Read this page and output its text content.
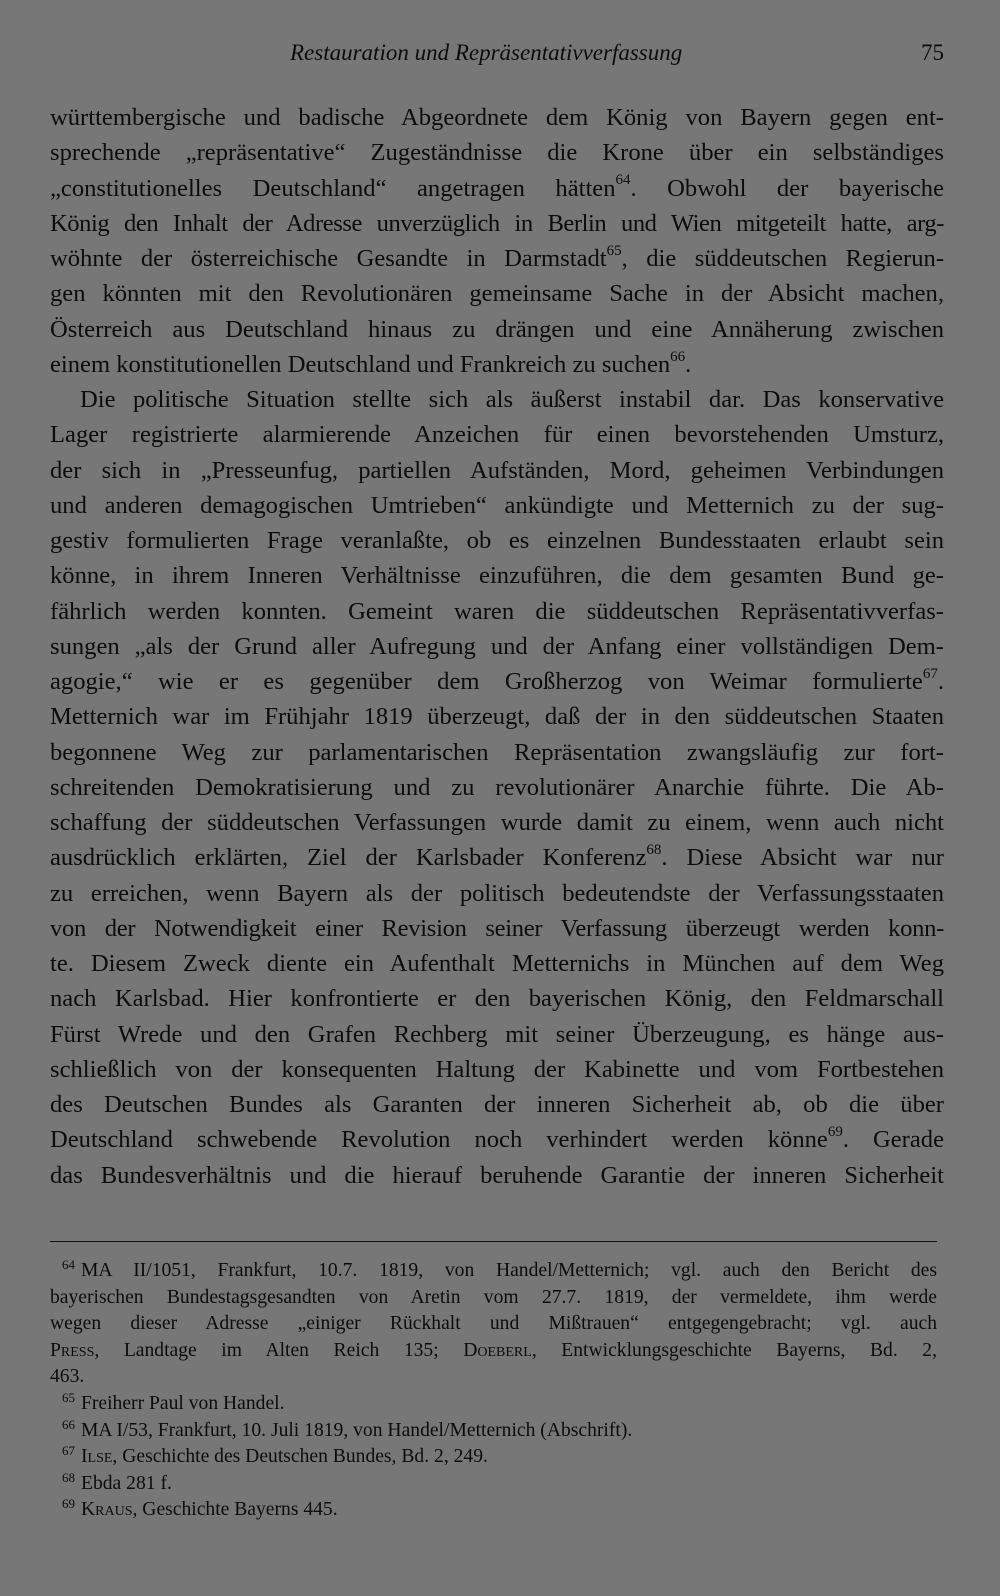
Restauration und Repräsentativverfassung	75
württembergische und badische Abgeordnete dem König von Bayern gegen ent-
sprechende „repräsentative“ Zugeständnisse die Krone über ein selbständiges
„constitutionelles Deutschland“ angetragen hätten$^{64}$. Obwohl der bayerische
König den Inhalt der Adresse unverzüglich in Berlin und Wien mitgeteilt hatte, arg-
wöhnte der österreichische Gesandte in Darmstadt$^{65}$, die süddeutschen Regierun-
gen könnten mit den Revolutionären gemeinsame Sache in der Absicht machen,
Österreich aus Deutschland hinaus zu drängen und eine Annäherung zwischen
einem konstitutionellen Deutschland und Frankreich zu suchen$^{66}$.
Die politische Situation stellte sich als äußerst instabil dar. Das konservative
Lager registrierte alarmierende Anzeichen für einen bevorstehenden Umsturz,
der sich in „Presseunfug, partiellen Aufständen, Mord, geheimen Verbindungen
und anderen demagogischen Umtrieben“ ankündigte und Metternich zu der sug-
gestiv formulierten Frage veranlaßte, ob es einzelnen Bundesstaaten erlaubt sein
könne, in ihrem Inneren Verhältnisse einzuführen, die dem gesamten Bund ge-
fährlich werden konnten. Gemeint waren die süddeutschen Repräsentativverfas-
sungen „als der Grund aller Aufregung und der Anfang einer vollständigen Dem-
agogie,“ wie er es gegenüber dem Großherzog von Weimar formulierte$^{67}$.
Metternich war im Frühjahr 1819 überzeugt, daß der in den süddeutschen Staaten
begonnene Weg zur parlamentarischen Repräsentation zwangsläufig zur fort-
schreitenden Demokratisierung und zu revolutionärer Anarchie führte. Die Ab-
schaffung der süddeutschen Verfassungen wurde damit zu einem, wenn auch nicht
ausdrücklich erklärten, Ziel der Karlsbader Konferenz$^{68}$. Diese Absicht war nur
zu erreichen, wenn Bayern als der politisch bedeutendste der Verfassungsstaaten
von der Notwendigkeit einer Revision seiner Verfassung überzeugt werden konn-
te. Diesem Zweck diente ein Aufenthalt Metternichs in München auf dem Weg
nach Karlsbad. Hier konfrontierte er den bayerischen König, den Feldmarschall
Fürst Wrede und den Grafen Rechberg mit seiner Überzeugung, es hänge aus-
schließlich von der konsequenten Haltung der Kabinette und vom Fortbestehen
des Deutschen Bundes als Garanten der inneren Sicherheit ab, ob die über
Deutschland schwebende Revolution noch verhindert werden könne$^{69}$. Gerade
das Bundesverhältnis und die hierauf beruhende Garantie der inneren Sicherheit
$^{64}$ MA II/1051, Frankfurt, 10.7. 1819, von Handel/Metternich; vgl. auch den Bericht des
bayerischen Bundestagsgesandten von Aretin vom 27.7. 1819, der vermeldete, ihm werde
wegen dieser Adresse „einiger Rückhalt und Mißtrauen“ entgegengebracht; vgl. auch
Press, Landtage im Alten Reich 135; Doeberl, Entwicklungsgeschichte Bayerns, Bd. 2,
463.
$^{65}$ Freiherr Paul von Handel.
$^{66}$ MA I/53, Frankfurt, 10. Juli 1819, von Handel/Metternich (Abschrift).
$^{67}$ Ilse, Geschichte des Deutschen Bundes, Bd. 2, 249.
$^{68}$ Ebda 281 f.
$^{69}$ Kraus, Geschichte Bayerns 445.
